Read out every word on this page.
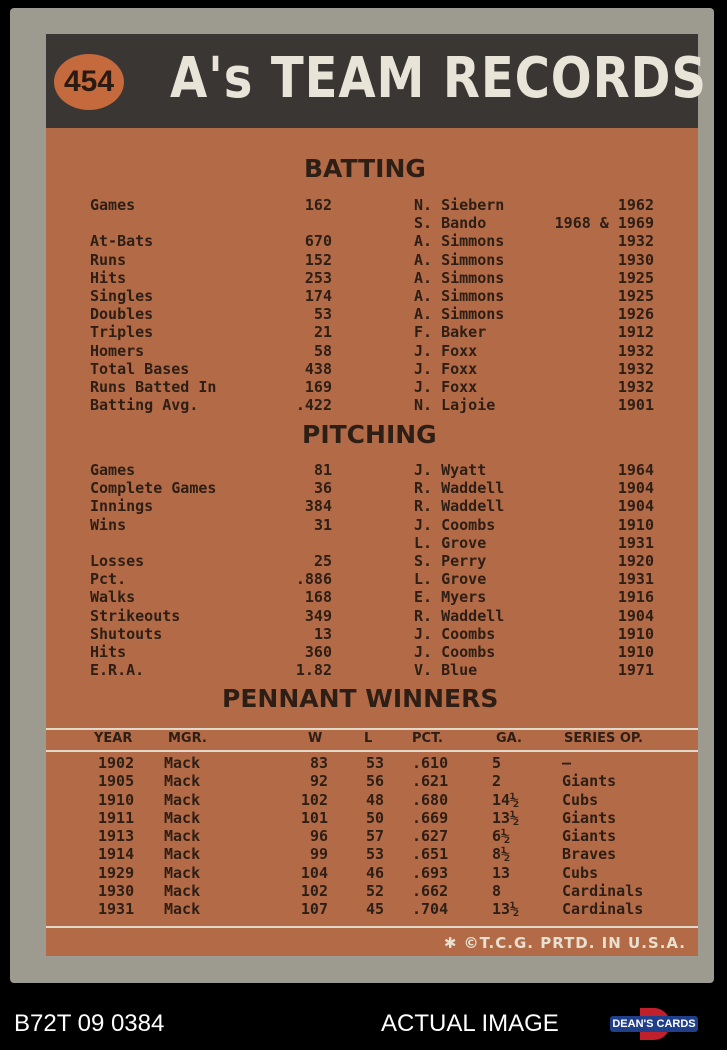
454 A's TEAM RECORDS
BATTING
Games	162	N. Siebern	1962
S. Bando	1968 & 1969
At-Bats	670	A. Simmons	1932
Runs	152	A. Simmons	1930
Hits	253	A. Simmons	1925
Singles	174	A. Simmons	1925
Doubles	53	A. Simmons	1926
Triples	21	F. Baker	1912
Homers	58	J. Foxx	1932
Total Bases	438	J. Foxx	1932
Runs Batted In	169	J. Foxx	1932
Batting Avg.	.422	N. Lajoie	1901
PITCHING
Games	81	J. Wyatt	1964
Complete Games	36	R. Waddell	1904
Innings	384	R. Waddell	1904
Wins	31	J. Coombs	1910
L. Grove	1931
Losses	25	S. Perry	1920
Pct.	.886	L. Grove	1931
Walks	168	E. Myers	1916
Strikeouts	349	R. Waddell	1904
Shutouts	13	J. Coombs	1910
Hits	360	J. Coombs	1910
E.R.A.	1.82	V. Blue	1971
PENNANT WINNERS
YEAR	MGR.	W	L	PCT.	GA.	SERIES OP.
1902 Mack	83	53 .610	5	—
1905 Mack	92	56 .621	2	Giants
1910 Mack	102	48 .680	14½	Cubs
1911 Mack	101	50 .669	13½	Giants
1913 Mack	96	57 .627	6½	Giants
1914 Mack	99	53 .651	8½	Braves
1929 Mack	104	46 .693	13	Cubs
1930 Mack	102	52 .662	8	Cardinals
1931 Mack	107	45 .704	13½	Cardinals
✱ ©T.C.G. PRTD. IN U.S.A.
B72T 09 0384	ACTUAL IMAGE	DEAN'S CARDS
